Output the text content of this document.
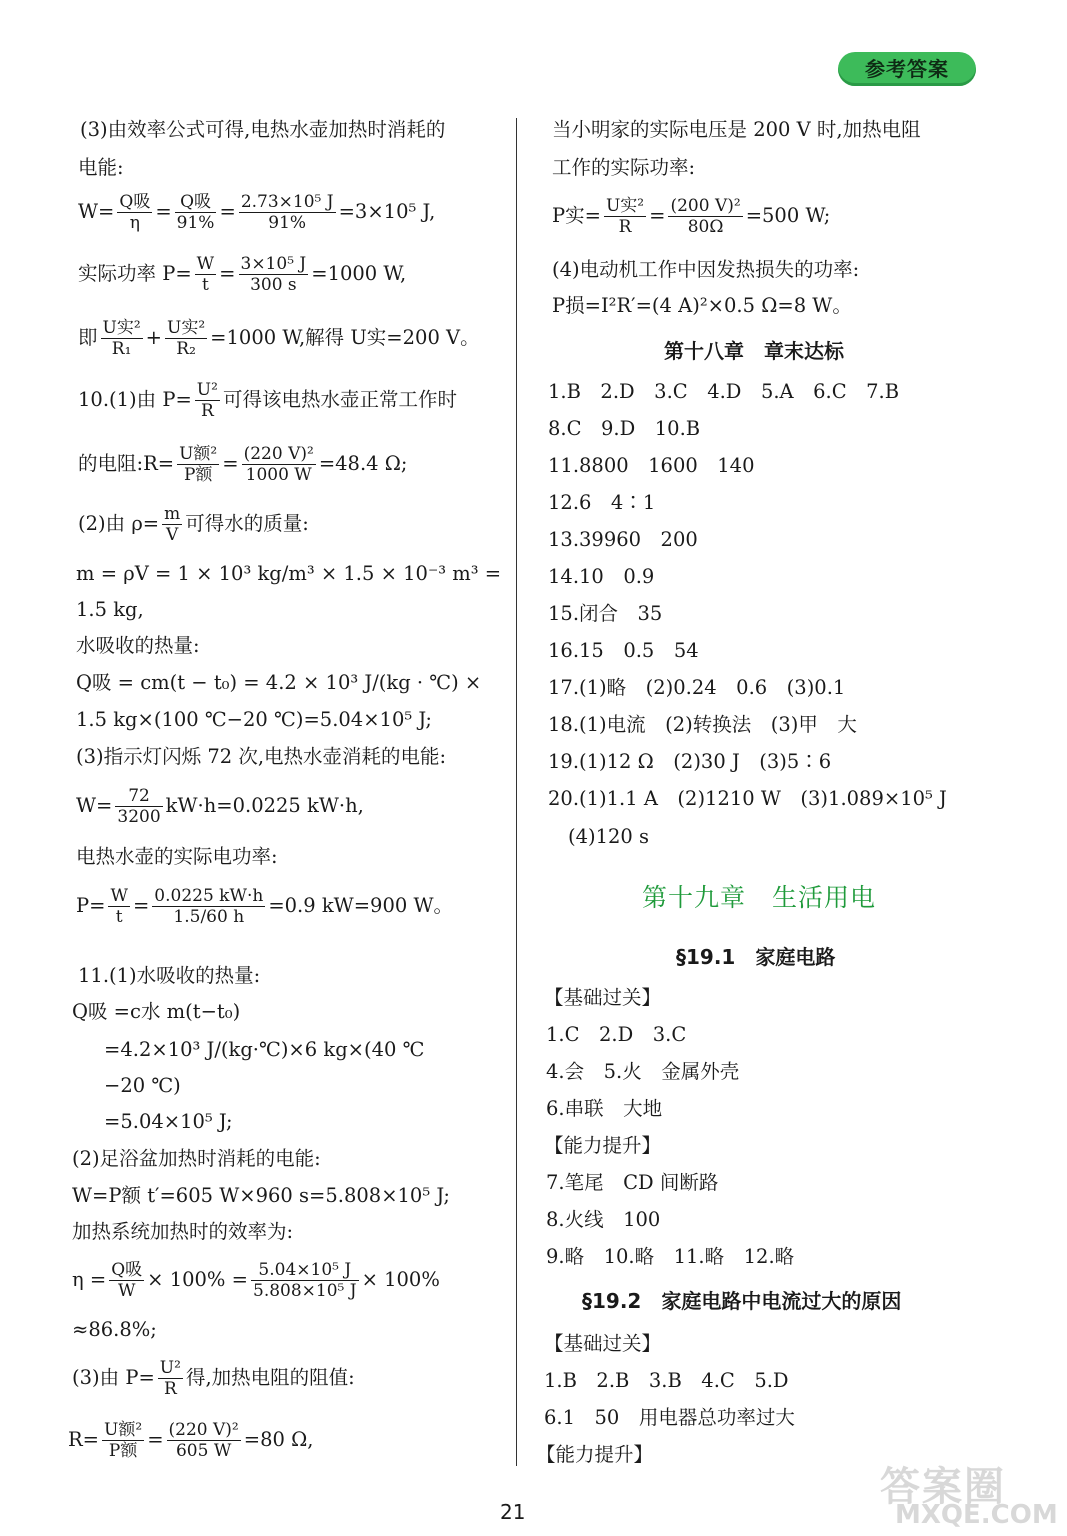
参考答案
(3)由效率公式可得,电热水壶加热时消耗的
电能:
$W= \frac{\text{Q吸}}{\eta} = \frac{\text{Q吸}}{91\%} = \frac{\text{2.73×10⁵ J}}{91\%} =3\times 10^5$ J,
实际功率 $P= \frac{W}{t} = \frac{\text{3×10⁵ J}}{300 s} =1000$ W,
即 $\frac{\text{U实²}}{\text{R₁}} + \frac{\text{U实²}}{\text{R₂}} =1000$ W,解得 U实=200 V。
10.(1)由 $P= \frac{\text{U²}}{R}$ 可得该电热水壶正常工作时
的电阻:R= $\frac{\text{U额²}}{\text{P额}} = \frac{\text{(220 V)²}}{1000 W} =48.4$ Ω;
(2)由 $\rho= \frac{m}{V}$ 可得水的质量:
m = ρV = 1 × 10³ kg/m³ × 1.5 × 10⁻³ m³ =
1.5 kg,
水吸收的热量:
Q吸 = cm(t − t₀) = 4.2 × 10³ J/(kg · ℃) ×
1.5 kg×(100 ℃−20 ℃)=5.04×10⁵ J;
(3)指示灯闪烁 72 次,电热水壶消耗的电能:
$W= \frac{72}{3200} kW\cdot h=0.0225$ kW·h,
电热水壶的实际电功率:
$P= \frac{W}{t} = \frac{0.0225 kW\cdot h}{1.5/60 h} =0.9$ kW=900 W。
11.(1)水吸收的热量:
Q吸 =c水 m(t−t₀)
=4.2×10³ J/(kg·℃)×6 kg×(40 ℃
−20 ℃)
=5.04×10⁵ J;
(2)足浴盆加热时消耗的电能:
W=P额 t′=605 W×960 s=5.808×10⁵ J;
加热系统加热时的效率为:
$\eta = \frac{\text{Q吸}}{W} \times 100\% = \frac{\text{5.04×10⁵ J}}{\text{5.808×10⁵ J}} \times 100\%$
≈86.8%;
(3)由 $P= \frac{\text{U²}}{R}$ 得,加热电阻的阻值:
$R= \frac{\text{U额²}}{\text{P额}} = \frac{\text{(220 V)²}}{605 W} =80$ Ω,
当小明家的实际电压是 200 V 时,加热电阻
工作的实际功率:
P实= $\frac{\text{U实²}}{R} = \frac{\text{(200 V)²}}{80\Omega} =500$ W;
(4)电动机工作中因发热损失的功率:
P损=I²R′=(4 A)²×0.5 Ω=8 W。
第十八章　章末达标
1.B　2.D　3.C　4.D　5.A　6.C　7.B
8.C　9.D　10.B
11.8800　1600　140
12.6　4∶1
13.39960　200
14.10　0.9
15.闭合　35
16.15　0.5　54
17.(1)略　(2)0.24　0.6　(3)0.1
18.(1)电流　(2)转换法　(3)甲　大
19.(1)12 Ω　(2)30 J　(3)5∶6
20.(1)1.1 A　(2)1210 W　(3)1.089×10⁵ J
(4)120 s
第十九章　生活用电
§19.1　家庭电路
【基础过关】
1.C　2.D　3.C
4.会　5.火　金属外壳
6.串联　大地
【能力提升】
7.笔尾　CD 间断路
8.火线　100
9.略　10.略　11.略　12.略
§19.2　家庭电路中电流过大的原因
【基础过关】
1.B　2.B　3.B　4.C　5.D
6.1　50　用电器总功率过大
【能力提升】
21
答案圈
MXQE.COM
